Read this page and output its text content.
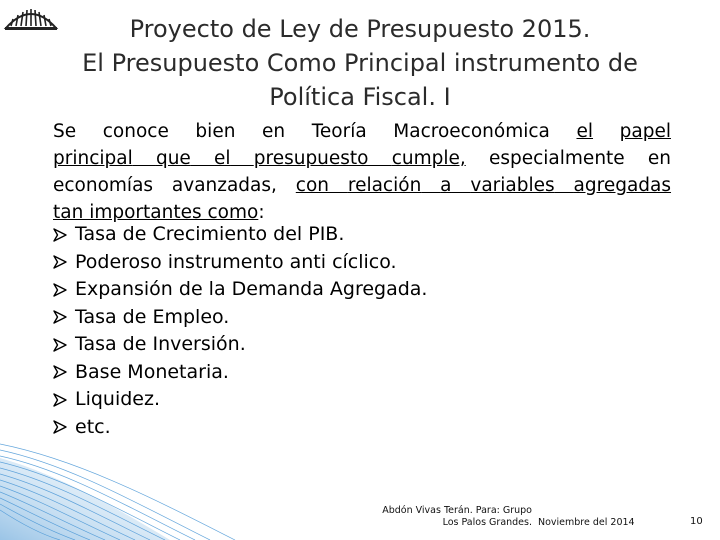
Proyecto de Ley de Presupuesto 2015.
El Presupuesto Como Principal instrumento de
Política Fiscal. I
Se conoce bien en Teoría Macroeconómica el papel
principal que el presupuesto cumple, especialmente en
economías avanzadas, con relación a variables agregadas
tan importantes como:
Tasa de Crecimiento del PIB.
Poderoso instrumento anti cíclico.
Expansión de la Demanda Agregada.
Tasa de Empleo.
Tasa de Inversión.
Base Monetaria.
Liquidez.
etc.
Abdón Vivas Terán. Para: Grupo
Los Palos Grandes. Noviembre del 2014	10
